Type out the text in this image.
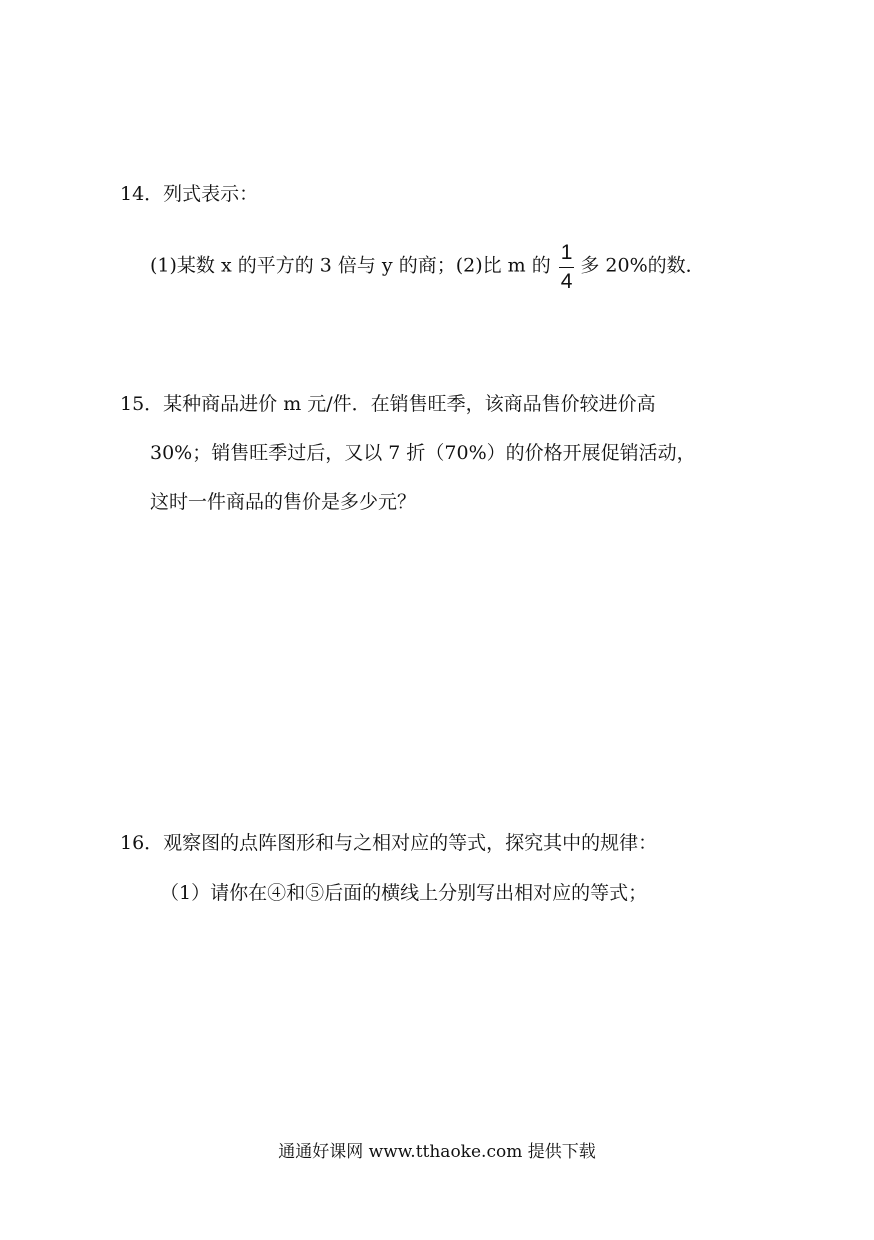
14．列式表示：
(1)某数 x 的平方的 3 倍与 y 的商；(2)比 m 的 $\frac{1}{4}$ 多 20%的数．
15．某种商品进价 m 元/件．在销售旺季，该商品售价较进价高
30%；销售旺季过后，又以 7 折（70%）的价格开展促销活动，
这时一件商品的售价是多少元？
16．观察图的点阵图形和与之相对应的等式，探究其中的规律：
（1）请你在④和⑤后面的横线上分别写出相对应的等式；
通通好课网 www.tthaoke.com 提供下载
